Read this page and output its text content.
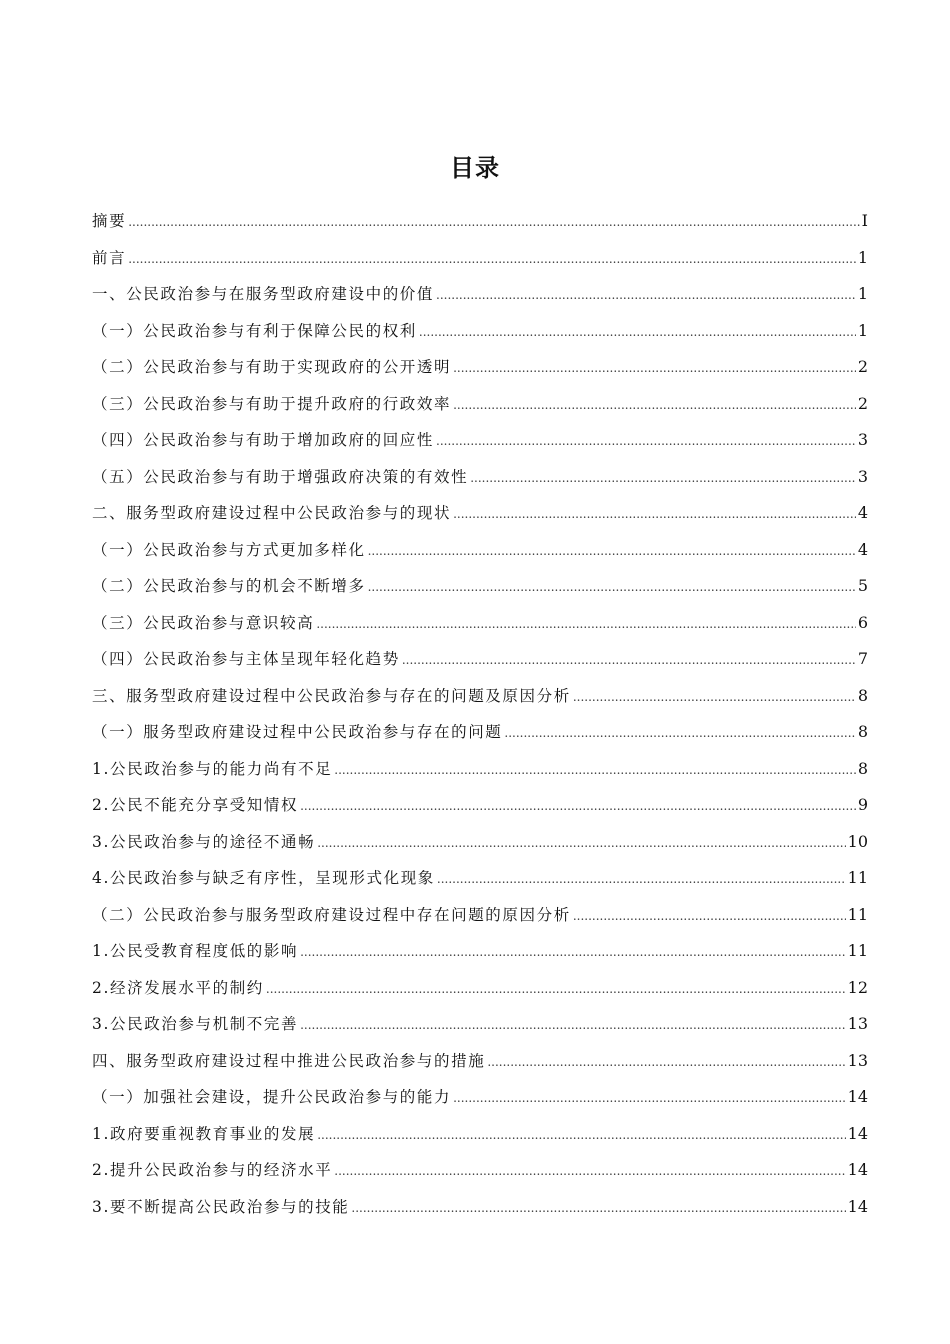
目录
摘要 .....	I
前言 .....	1
一、公民政治参与在服务型政府建设中的价值 .....	1
（一）公民政治参与有利于保障公民的权利 .....	1
（二）公民政治参与有助于实现政府的公开透明 .....	2
（三）公民政治参与有助于提升政府的行政效率 .....	2
（四）公民政治参与有助于增加政府的回应性 .....	3
（五）公民政治参与有助于增强政府决策的有效性 .....	3
二、服务型政府建设过程中公民政治参与的现状 .....	4
（一）公民政治参与方式更加多样化 .....	4
（二）公民政治参与的机会不断增多 .....	5
（三）公民政治参与意识较高 .....	6
（四）公民政治参与主体呈现年轻化趋势 .....	7
三、服务型政府建设过程中公民政治参与存在的问题及原因分析 .....	8
（一）服务型政府建设过程中公民政治参与存在的问题 .....	8
1.公民政治参与的能力尚有不足 .....	8
2.公民不能充分享受知情权 .....	9
3.公民政治参与的途径不通畅 .....	10
4.公民政治参与缺乏有序性，呈现形式化现象 .....	11
（二）公民政治参与服务型政府建设过程中存在问题的原因分析 .....	11
1.公民受教育程度低的影响 .....	11
2.经济发展水平的制约 .....	12
3.公民政治参与机制不完善 .....	13
四、服务型政府建设过程中推进公民政治参与的措施 .....	13
（一）加强社会建设，提升公民政治参与的能力 .....	14
1.政府要重视教育事业的发展 .....	14
2.提升公民政治参与的经济水平 .....	14
3.要不断提高公民政治参与的技能 .....	14
